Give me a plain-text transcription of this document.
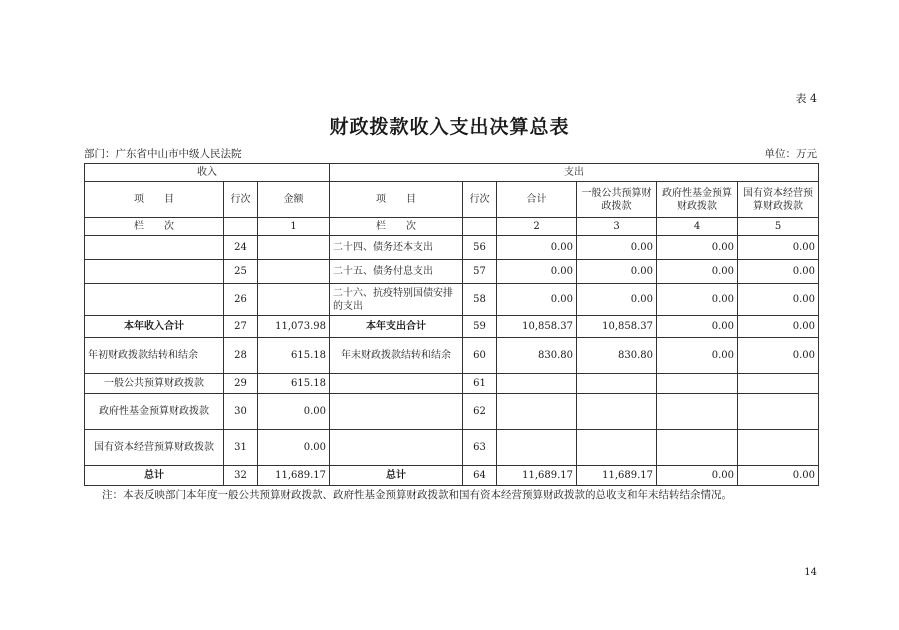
表 4
财政拨款收入支出决算总表
部门：广东省中山市中级人民法院	单位：万元
收入			支出					
项　　目	行次	金额	项　　目	行次	合计	一般公共预算财政拨款	政府性基金预算财政拨款	国有资本经营预算财政拨款
栏　　次		1	栏　　次		2	3	4	5
	24		二十四、债务还本支出	56	0.00	0.00	0.00	0.00
	25		二十五、债务付息支出	57	0.00	0.00	0.00	0.00
	26		二十六、抗疫特别国债安排的支出	58	0.00	0.00	0.00	0.00
本年收入合计	27	11,073.98	本年支出合计	59	10,858.37	10,858.37	0.00	0.00
年初财政拨款结转和结余	28	615.18	年末财政拨款结转和结余	60	830.80	830.80	0.00	0.00
一般公共预算财政拨款	29	615.18		61				
政府性基金预算财政拨款	30	0.00		62				
国有资本经营预算财政拨款	31	0.00		63				
总计	32	11,689.17	总计	64	11,689.17	11,689.17	0.00	0.00
注：本表反映部门本年度一般公共预算财政拨款、政府性基金预算财政拨款和国有资本经营预算财政拨款的总收支和年末结转结余情况。
14
